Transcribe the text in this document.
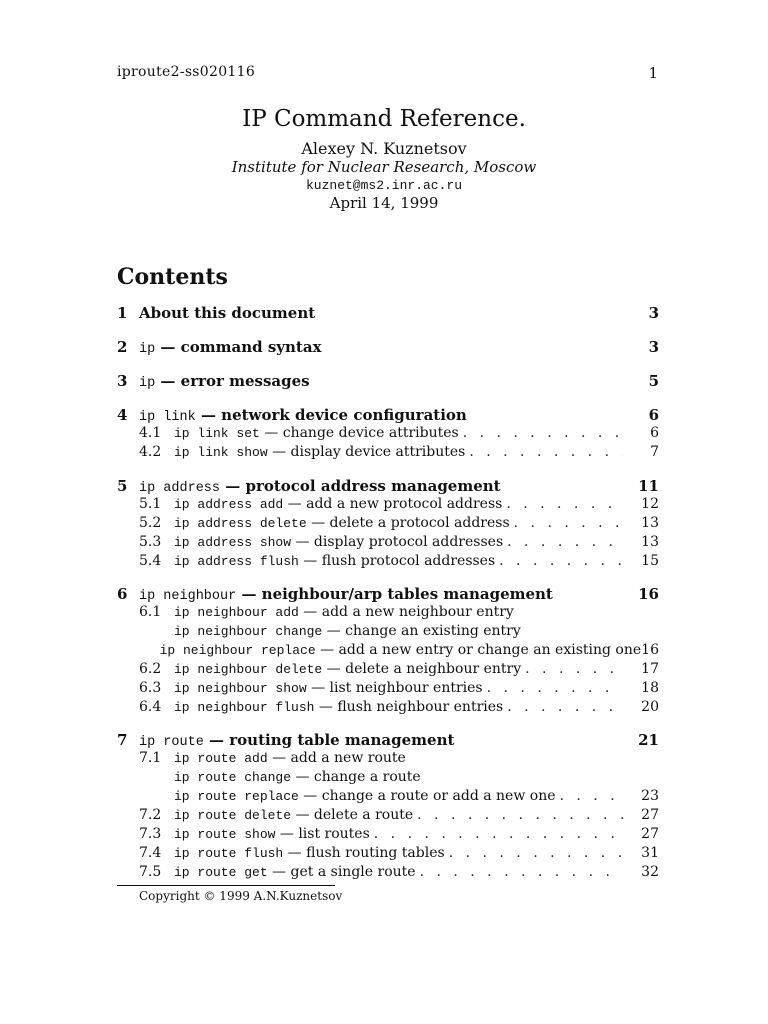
iproute2-ss020116	1
IP Command Reference.
Alexey N. Kuznetsov
Institute for Nuclear Research, Moscow
kuznet@ms2.inr.ac.ru
April 14, 1999
Contents
1 About this document	3
2 ip — command syntax	3
3 ip — error messages	5
4 ip link — network device configuration	6
4.1 ip link set — change device attributes . . .	6
4.2 ip link show — display device attributes . . .	7
5 ip address — protocol address management	11
5.1 ip address add — add a new protocol address . . .	12
5.2 ip address delete — delete a protocol address . . .	13
5.3 ip address show — display protocol addresses . . .	13
5.4 ip address flush — flush protocol addresses . . .	15
6 ip neighbour — neighbour/arp tables management	16
6.1 ip neighbour add — add a new neighbour entry
ip neighbour change — change an existing entry
ip neighbour replace — add a new entry or change an existing one 16
6.2 ip neighbour delete — delete a neighbour entry . . .	17
6.3 ip neighbour show — list neighbour entries . . .	18
6.4 ip neighbour flush — flush neighbour entries . . .	20
7 ip route — routing table management	21
7.1 ip route add — add a new route
ip route change — change a route
ip route replace — change a route or add a new one . . .	23
7.2 ip route delete — delete a route . . .	27
7.3 ip route show — list routes . . .	27
7.4 ip route flush — flush routing tables . . .	31
7.5 ip route get — get a single route . . .	32
Copyright © 1999 A.N.Kuznetsov
